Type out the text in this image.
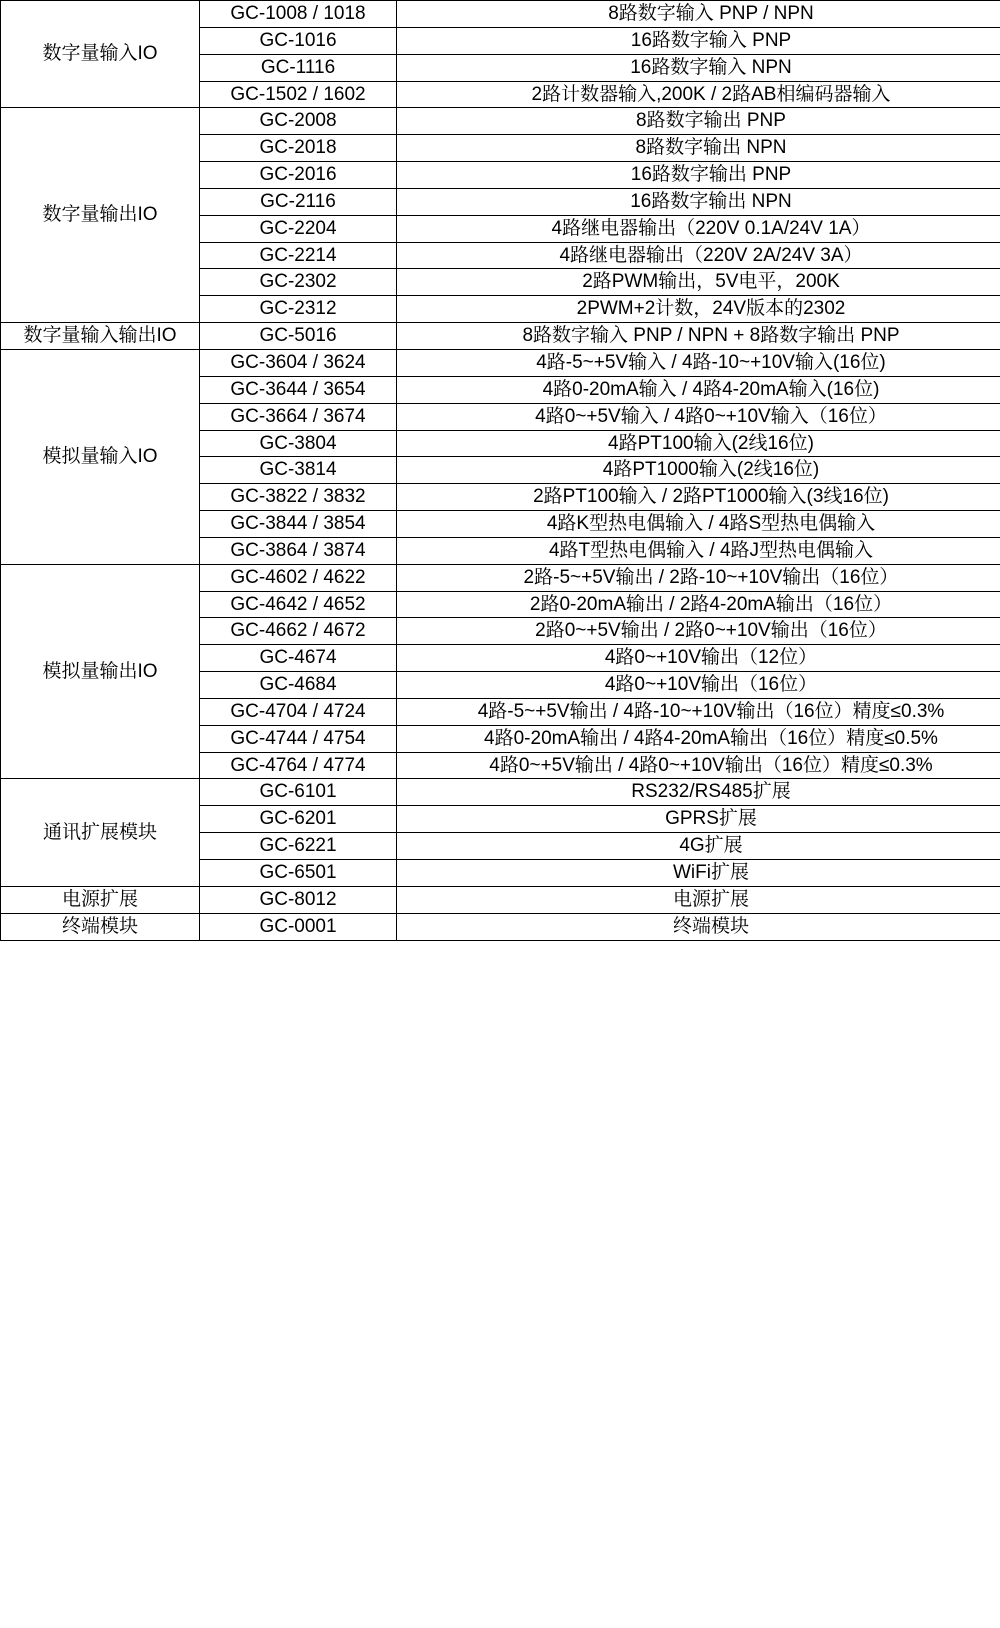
数字量输入IO	GC-1008 / 1018	8路数字输入 PNP / NPN
	GC-1016	16路数字输入 PNP
	GC-1116	16路数字输入 NPN
	GC-1502 / 1602	2路计数器输入,200K / 2路AB相编码器输入
数字量输出IO	GC-2008	8路数字输出 PNP
	GC-2018	8路数字输出 NPN
	GC-2016	16路数字输出 PNP
	GC-2116	16路数字输出 NPN
	GC-2204	4路继电器输出（220V 0.1A/24V 1A）
	GC-2214	4路继电器输出（220V 2A/24V 3A）
	GC-2302	2路PWM输出，5V电平，200K
	GC-2312	2PWM+2计数，24V版本的2302
数字量输入输出IO	GC-5016	8路数字输入 PNP / NPN + 8路数字输出 PNP
模拟量输入IO	GC-3604 / 3624	4路-5~+5V输入 / 4路-10~+10V输入(16位)
	GC-3644 / 3654	4路0-20mA输入 / 4路4-20mA输入(16位)
	GC-3664 / 3674	4路0~+5V输入 / 4路0~+10V输入（16位）
	GC-3804	4路PT100输入(2线16位)
	GC-3814	4路PT1000输入(2线16位)
	GC-3822 / 3832	2路PT100输入 / 2路PT1000输入(3线16位)
	GC-3844 / 3854	4路K型热电偶输入 / 4路S型热电偶输入
	GC-3864 / 3874	4路T型热电偶输入 / 4路J型热电偶输入
模拟量输出IO	GC-4602 / 4622	2路-5~+5V输出 / 2路-10~+10V输出（16位）
	GC-4642 / 4652	2路0-20mA输出 / 2路4-20mA输出（16位）
	GC-4662 / 4672	2路0~+5V输出 / 2路0~+10V输出（16位）
	GC-4674	4路0~+10V输出（12位）
	GC-4684	4路0~+10V输出（16位）
	GC-4704 / 4724	4路-5~+5V输出 / 4路-10~+10V输出（16位）精度≤0.3%
	GC-4744 / 4754	4路0-20mA输出 / 4路4-20mA输出（16位）精度≤0.5%
	GC-4764 / 4774	4路0~+5V输出 / 4路0~+10V输出（16位）精度≤0.3%
通讯扩展模块	GC-6101	RS232/RS485扩展
	GC-6201	GPRS扩展
	GC-6221	4G扩展
	GC-6501	WiFi扩展
电源扩展	GC-8012	电源扩展
终端模块	GC-0001	终端模块
